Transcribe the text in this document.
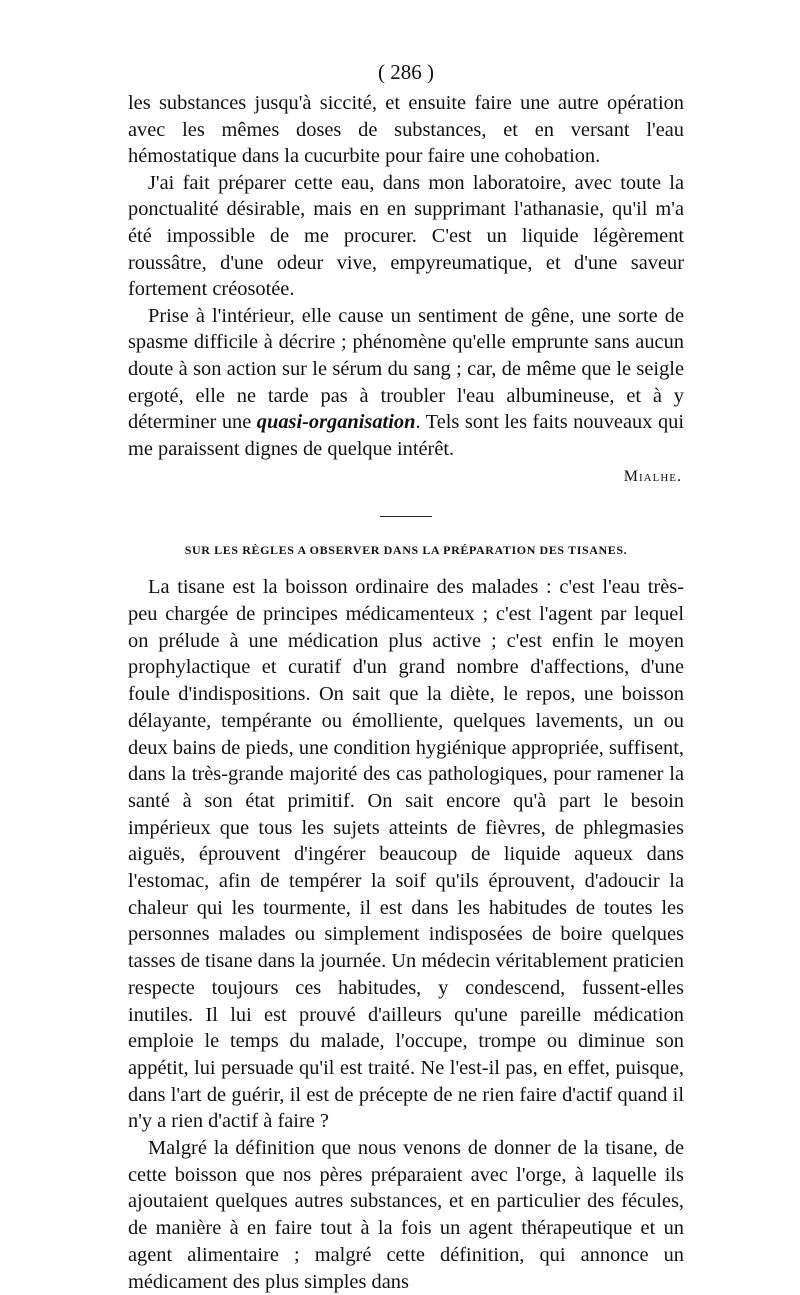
( 286 )

les substances jusqu'à siccité, et ensuite faire une autre opération avec les mêmes doses de substances, et en versant l'eau hémostatique dans la cucurbite pour faire une cohobation.

J'ai fait préparer cette eau, dans mon laboratoire, avec toute la ponctualité désirable, mais en en supprimant l'athanasie, qu'il m'a été impossible de me procurer. C'est un liquide légèrement roussâtre, d'une odeur vive, empyreumatique, et d'une saveur fortement créosotée.

Prise à l'intérieur, elle cause un sentiment de gêne, une sorte de spasme difficile à décrire ; phénomène qu'elle emprunte sans aucun doute à son action sur le sérum du sang ; car, de même que le seigle ergoté, elle ne tarde pas à troubler l'eau albumineuse, et à y déterminer une quasi-organisation. Tels sont les faits nouveaux qui me paraissent dignes de quelque intérêt.

Mialhe.
SUR LES RÈGLES A OBSERVER DANS LA PRÉPARATION DES TISANES.

La tisane est la boisson ordinaire des malades : c'est l'eau très-peu chargée de principes médicamenteux ; c'est l'agent par lequel on prélude à une médication plus active ; c'est enfin le moyen prophylactique et curatif d'un grand nombre d'affections, d'une foule d'indispositions. On sait que la diète, le repos, une boisson délayante, tempérante ou émolliente, quelques lavements, un ou deux bains de pieds, une condition hygiénique appropriée, suffisent, dans la très-grande majorité des cas pathologiques, pour ramener la santé à son état primitif. On sait encore qu'à part le besoin impérieux que tous les sujets atteints de fièvres, de phlegmasies aiguës, éprouvent d'ingérer beaucoup de liquide aqueux dans l'estomac, afin de tempérer la soif qu'ils éprouvent, d'adoucir la chaleur qui les tourmente, il est dans les habitudes de toutes les personnes malades ou simplement indisposées de boire quelques tasses de tisane dans la journée. Un médecin véritablement praticien respecte toujours ces habitudes, y condescend, fussent-elles inutiles. Il lui est prouvé d'ailleurs qu'une pareille médication emploie le temps du malade, l'occupe, trompe ou diminue son appétit, lui persuade qu'il est traité. Ne l'est-il pas, en effet, puisque, dans l'art de guérir, il est de précepte de ne rien faire d'actif quand il n'y a rien d'actif à faire ?

Malgré la définition que nous venons de donner de la tisane, de cette boisson que nos pères préparaient avec l'orge, à laquelle ils ajoutaient quelques autres substances, et en particulier des fécules, de manière à en faire tout à la fois un agent thérapeutique et un agent alimentaire ; malgré cette définition, qui annonce un médicament des plus simples dans
